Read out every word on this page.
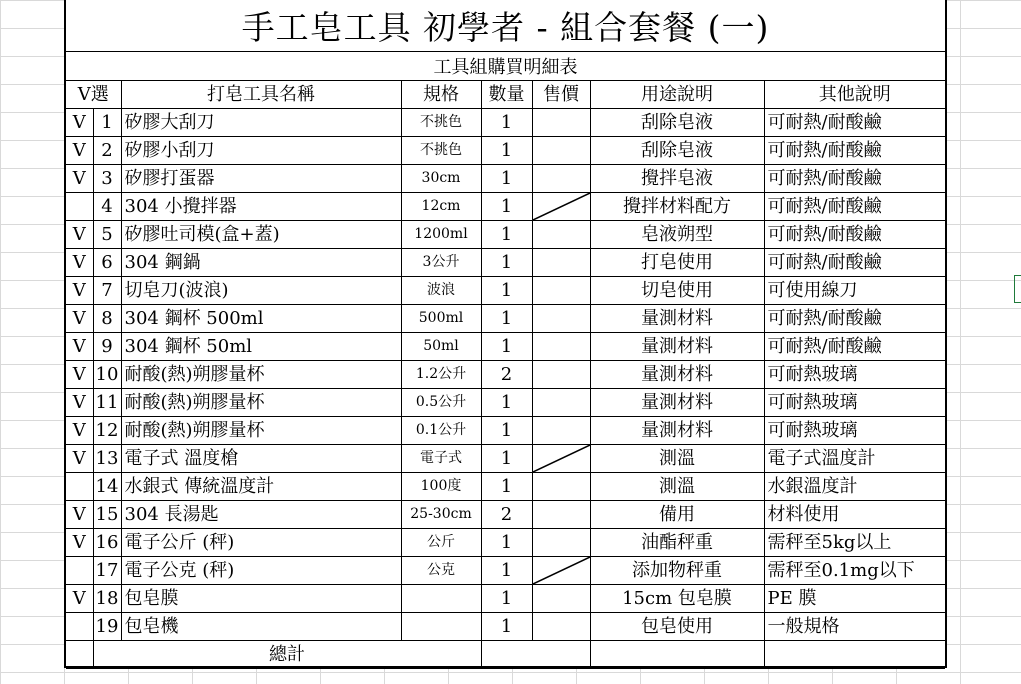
手工皂工具 初學者 - 組合套餐 (一)
工具組購買明細表
V選		打皂工具名稱	規格	數量	售價	用途說明	其他說明
V	1	矽膠大刮刀	不挑色	1		刮除皂液	可耐熱/耐酸鹼
V	2	矽膠小刮刀	不挑色	1		刮除皂液	可耐熱/耐酸鹼
V	3	矽膠打蛋器	30cm	1		攪拌皂液	可耐熱/耐酸鹼
	4	304 小攪拌器	12cm	1		攪拌材料配方	可耐熱/耐酸鹼
V	5	矽膠吐司模(盒+蓋)	1200ml	1		皂液朔型	可耐熱/耐酸鹼
V	6	304 鋼鍋	3公升	1		打皂使用	可耐熱/耐酸鹼
V	7	切皂刀(波浪)	波浪	1		切皂使用	可使用線刀
V	8	304 鋼杯 500ml	500ml	1		量測材料	可耐熱/耐酸鹼
V	9	304 鋼杯 50ml	50ml	1		量測材料	可耐熱/耐酸鹼
V	10	耐酸(熱)朔膠量杯	1.2公升	2		量測材料	可耐熱玻璃
V	11	耐酸(熱)朔膠量杯	0.5公升	1		量測材料	可耐熱玻璃
V	12	耐酸(熱)朔膠量杯	0.1公升	1		量測材料	可耐熱玻璃
V	13	電子式 溫度槍	電子式	1		測溫	電子式溫度計
	14	水銀式 傳統溫度計	100度	1		測溫	水銀溫度計
V	15	304 長湯匙	25-30cm	2		備用	材料使用
V	16	電子公斤 (秤)	公斤	1		油酯秤重	需秤至5kg以上
	17	電子公克 (秤)	公克	1		添加物秤重	需秤至0.1mg以下
V	18	包皂膜		1		15cm 包皂膜	PE 膜
	19	包皂機		1		包皂使用	一般規格
	總計						
